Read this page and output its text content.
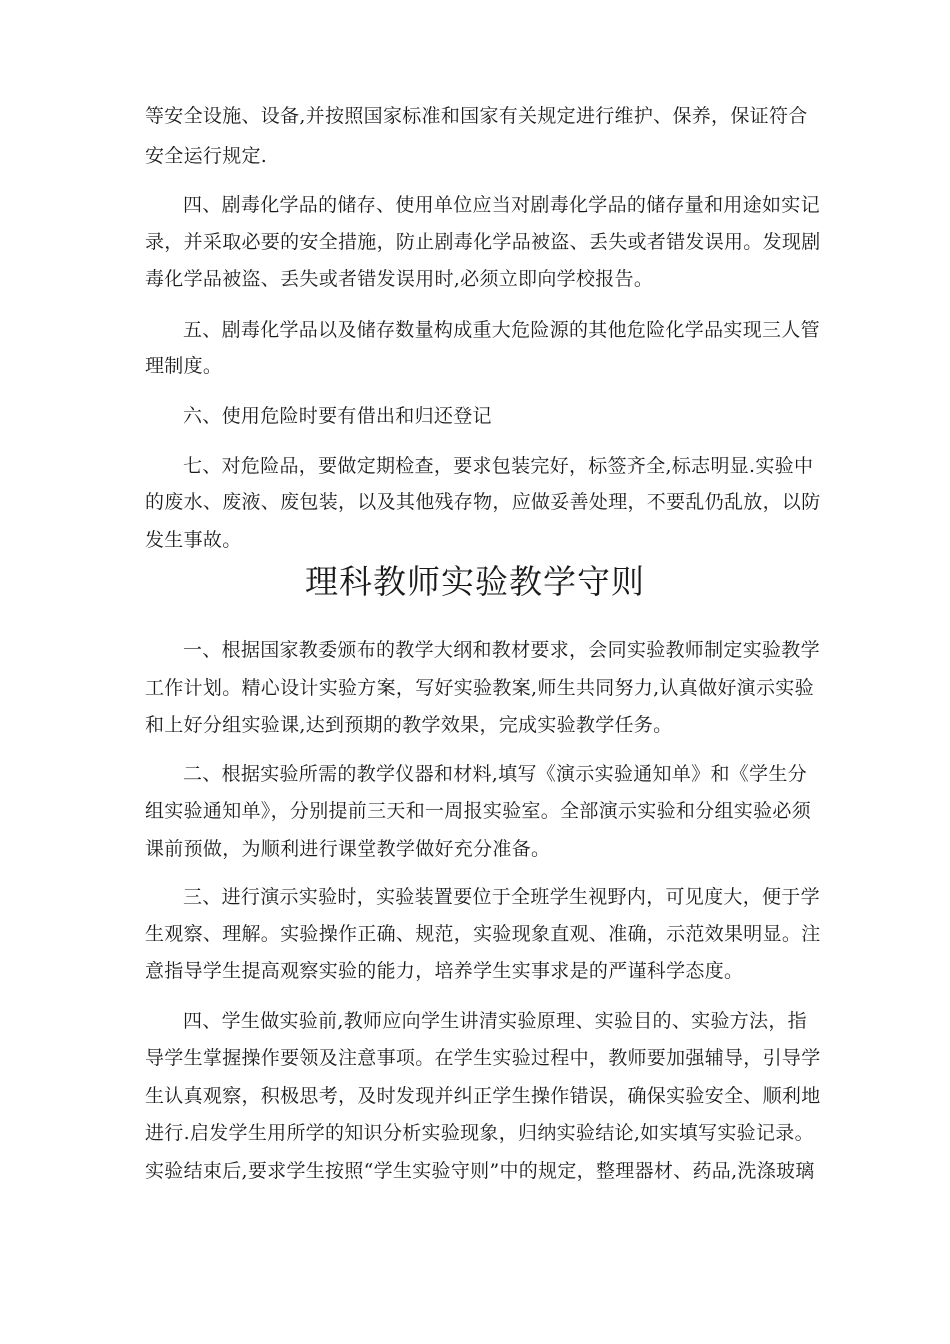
等安全设施、设备,并按照国家标准和国家有关规定进行维护、保养，保证符合
安全运行规定.
四、剧毒化学品的储存、使用单位应当对剧毒化学品的储存量和用途如实记
录，并采取必要的安全措施，防止剧毒化学品被盗、丢失或者错发误用。发现剧
毒化学品被盗、丢失或者错发误用时,必须立即向学校报告。
五、剧毒化学品以及储存数量构成重大危险源的其他危险化学品实现三人管
理制度。
六、使用危险时要有借出和归还登记
七、对危险品，要做定期检查，要求包装完好，标签齐全,标志明显.实验中
的废水、废液、废包装，以及其他残存物，应做妥善处理，不要乱仍乱放，以防
发生事故。
理科教师实验教学守则
一、根据国家教委颁布的教学大纲和教材要求，会同实验教师制定实验教学
工作计划。精心设计实验方案，写好实验教案,师生共同努力,认真做好演示实验
和上好分组实验课,达到预期的教学效果，完成实验教学任务。
二、根据实验所需的教学仪器和材料,填写《演示实验通知单》和《学生分
组实验通知单》，分别提前三天和一周报实验室。全部演示实验和分组实验必须
课前预做，为顺利进行课堂教学做好充分准备。
三、进行演示实验时，实验装置要位于全班学生视野内，可见度大，便于学
生观察、理解。实验操作正确、规范，实验现象直观、准确，示范效果明显。注
意指导学生提高观察实验的能力，培养学生实事求是的严谨科学态度。
四、学生做实验前,教师应向学生讲清实验原理、实验目的、实验方法，指
导学生掌握操作要领及注意事项。在学生实验过程中，教师要加强辅导，引导学
生认真观察，积极思考，及时发现并纠正学生操作错误，确保实验安全、顺利地
进行.启发学生用所学的知识分析实验现象，归纳实验结论,如实填写实验记录。
实验结束后,要求学生按照“学生实验守则”中的规定，整理器材、药品,洗涤玻璃
